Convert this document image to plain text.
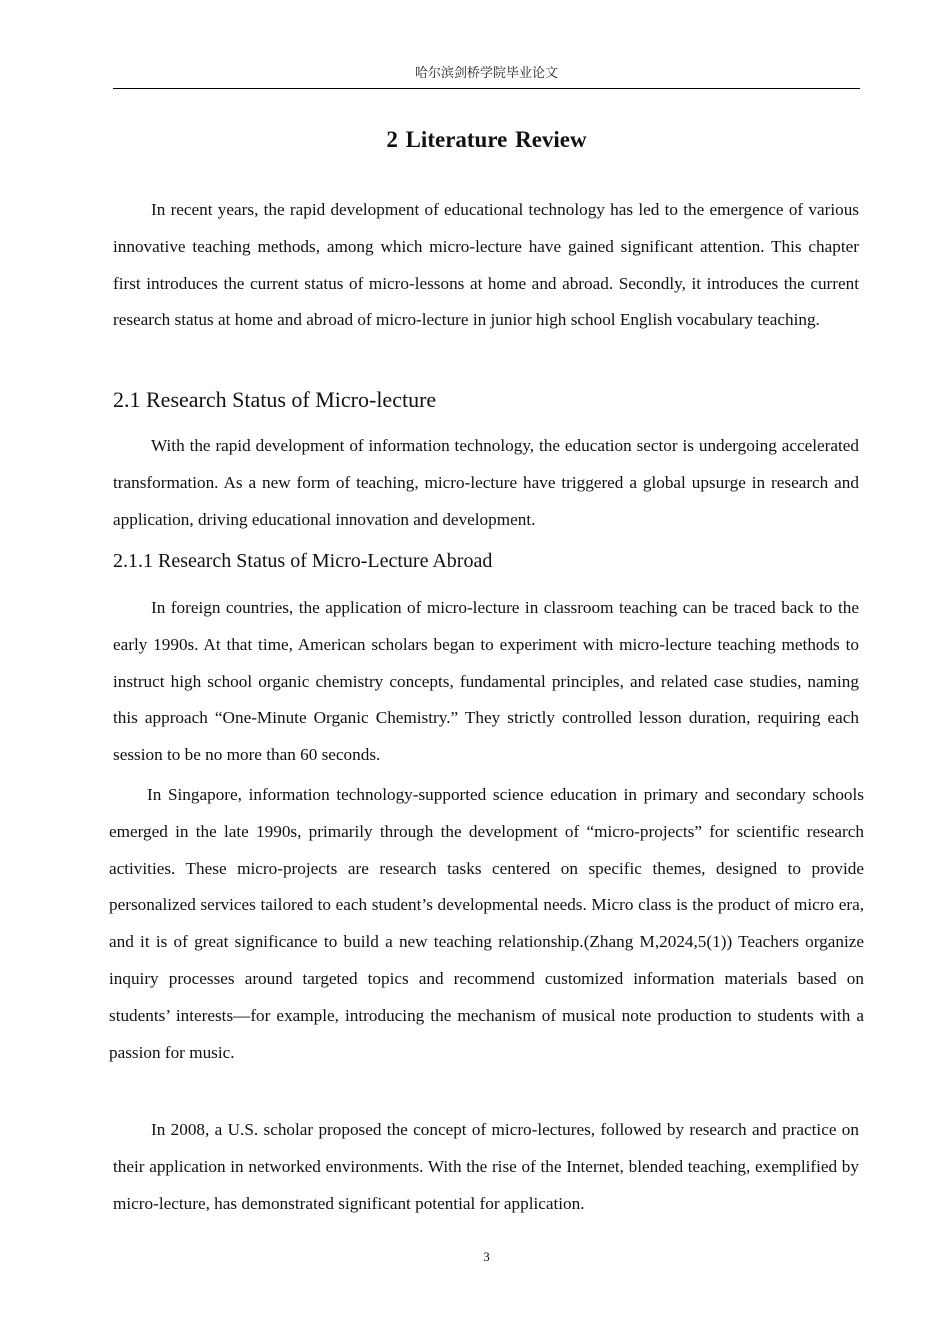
哈尔滨剑桥学院毕业论文
2 Literature Review

In recent years, the rapid development of educational technology has led to the emergence of various innovative teaching methods, among which micro-lecture have gained significant attention. This chapter first introduces the current status of micro-lessons at home and abroad. Secondly, it introduces the current research status at home and abroad of micro-lecture in junior high school English vocabulary teaching.

2.1 Research Status of Micro-lecture

With the rapid development of information technology, the education sector is undergoing accelerated transformation. As a new form of teaching, micro-lecture have triggered a global upsurge in research and application, driving educational innovation and development.

2.1.1 Research Status of Micro-Lecture Abroad

In foreign countries, the application of micro-lecture in classroom teaching can be traced back to the early 1990s. At that time, American scholars began to experiment with micro-lecture teaching methods to instruct high school organic chemistry concepts, fundamental principles, and related case studies, naming this approach “One-Minute Organic Chemistry.” They strictly controlled lesson duration, requiring each session to be no more than 60 seconds.

In Singapore, information technology-supported science education in primary and secondary schools emerged in the late 1990s, primarily through the development of “micro-projects” for scientific research activities. These micro-projects are research tasks centered on specific themes, designed to provide personalized services tailored to each student’s developmental needs. Micro class is the product of micro era, and it is of great significance to build a new teaching relationship.(Zhang M,2024,5(1)) Teachers organize inquiry processes around targeted topics and recommend customized information materials based on students’ interests—for example, introducing the mechanism of musical note production to students with a passion for music.

In 2008, a U.S. scholar proposed the concept of micro-lectures, followed by research and practice on their application in networked environments. With the rise of the Internet, blended teaching, exemplified by micro-lecture, has demonstrated significant potential for application.

3
